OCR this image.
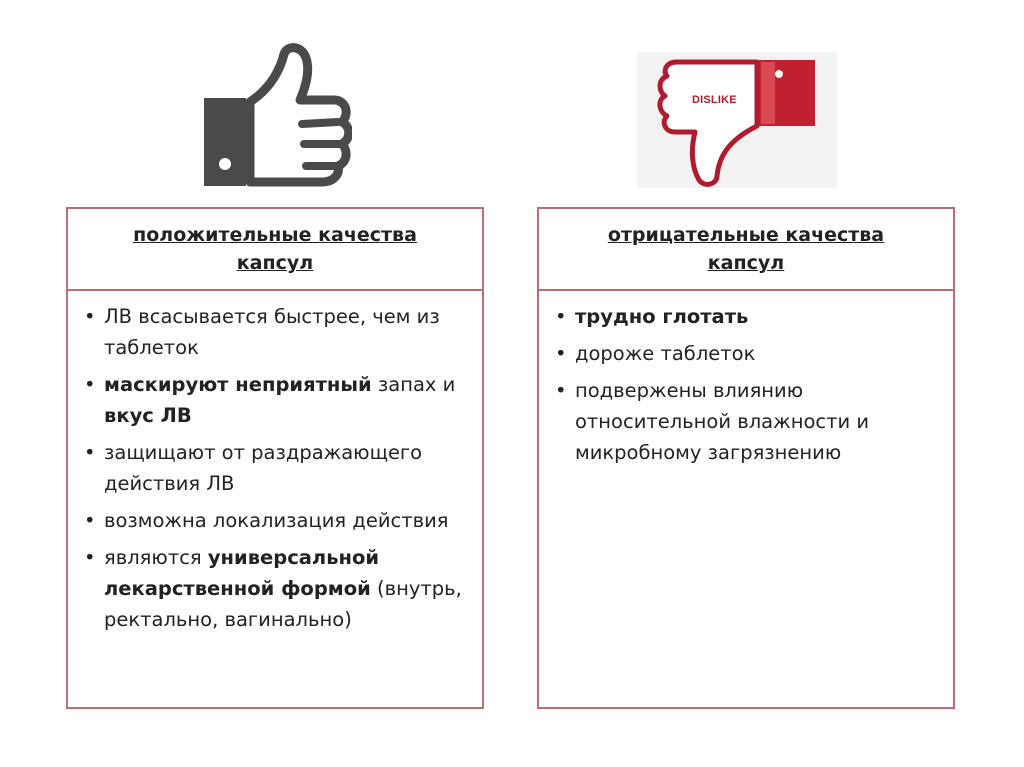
DISLIKE
положительные качества
капсул
• ЛВ всасывается быстрее, чем из таблеток
• маскируют неприятный запах и вкус ЛВ
• защищают от раздражающего действия ЛВ
• возможна локализация действия
• являются универсальной лекарственной формой (внутрь, ректально, вагинально)
отрицательные качества
капсул
• трудно глотать
• дороже таблеток
• подвержены влиянию относительной влажности и микробному загрязнению
